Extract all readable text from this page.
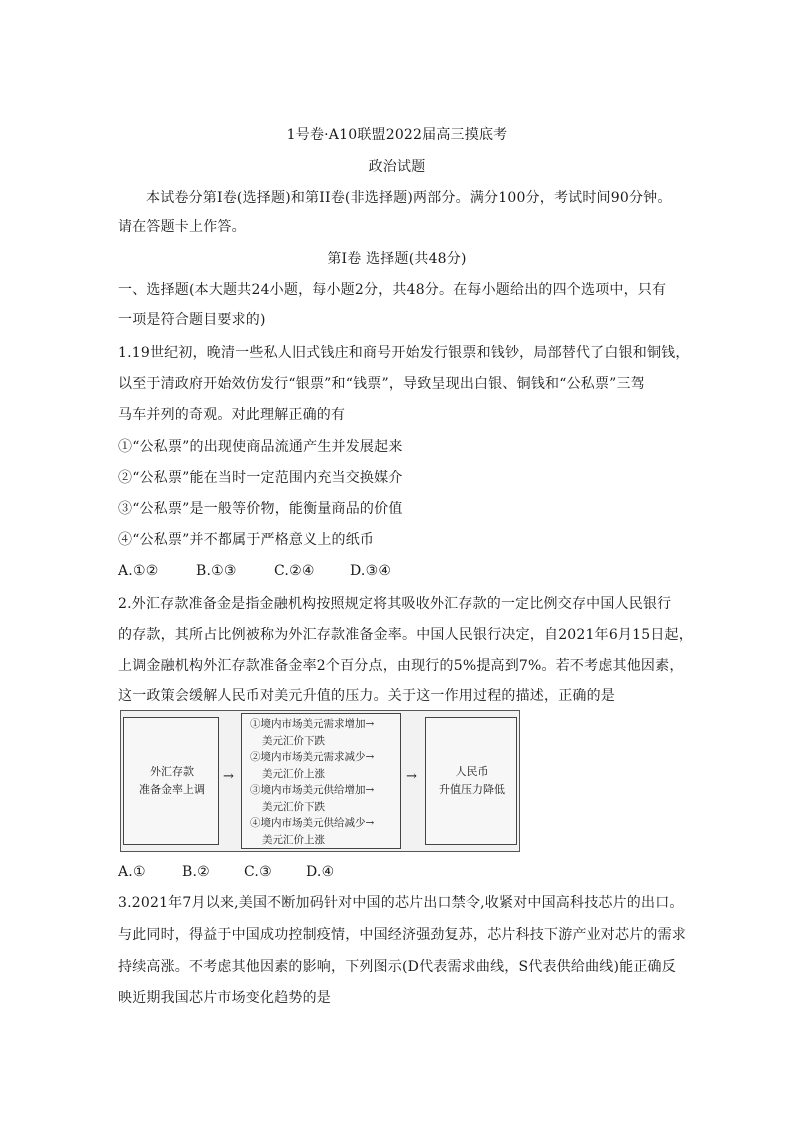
1号卷·A10联盟2022届高三摸底考
政治试题
本试卷分第I卷(选择题)和第II卷(非选择题)两部分。满分100分，考试时间90分钟。
请在答题卡上作答。
第I卷 选择题(共48分)
一、选择题(本大题共24小题，每小题2分，共48分。在每小题给出的四个选项中，只有
一项是符合题目要求的)
1.19世纪初，晚清一些私人旧式钱庄和商号开始发行银票和钱钞，局部替代了白银和铜钱，
以至于清政府开始效仿发行“银票”和“钱票”，导致呈现出白银、铜钱和“公私票”三驾
马车并列的奇观。对此理解正确的有
①“公私票”的出现使商品流通产生并发展起来
②“公私票”能在当时一定范围内充当交换媒介
③“公私票”是一般等价物，能衡量商品的价值
④“公私票”并不都属于严格意义上的纸币
A.①②	B.①③	C.②④	D.③④
2.外汇存款准备金是指金融机构按照规定将其吸收外汇存款的一定比例交存中国人民银行
的存款，其所占比例被称为外汇存款准备金率。中国人民银行决定，自2021年6月15日起，
上调金融机构外汇存款准备金率2个百分点，由现行的5%提高到7%。若不考虑其他因素，
这一政策会缓解人民币对美元升值的压力。关于这一作用过程的描述，正确的是
外汇存款
准备金率上调
→
①境内市场美元需求增加→
美元汇价下跌
②境内市场美元需求减少→
美元汇价上涨
③境内市场美元供给增加→
美元汇价下跌
④境内市场美元供给减少→
美元汇价上涨
→	人民币
升值压力降低
A.①	B.② C.③ D.④
3.2021年7月以来,美国不断加码针对中国的芯片出口禁令,收紧对中国高科技芯片的出口。
与此同时，得益于中国成功控制疫情，中国经济强劲复苏，芯片科技下游产业对芯片的需求
持续高涨。不考虑其他因素的影响，下列图示(D代表需求曲线，S代表供给曲线)能正确反
映近期我国芯片市场变化趋势的是
